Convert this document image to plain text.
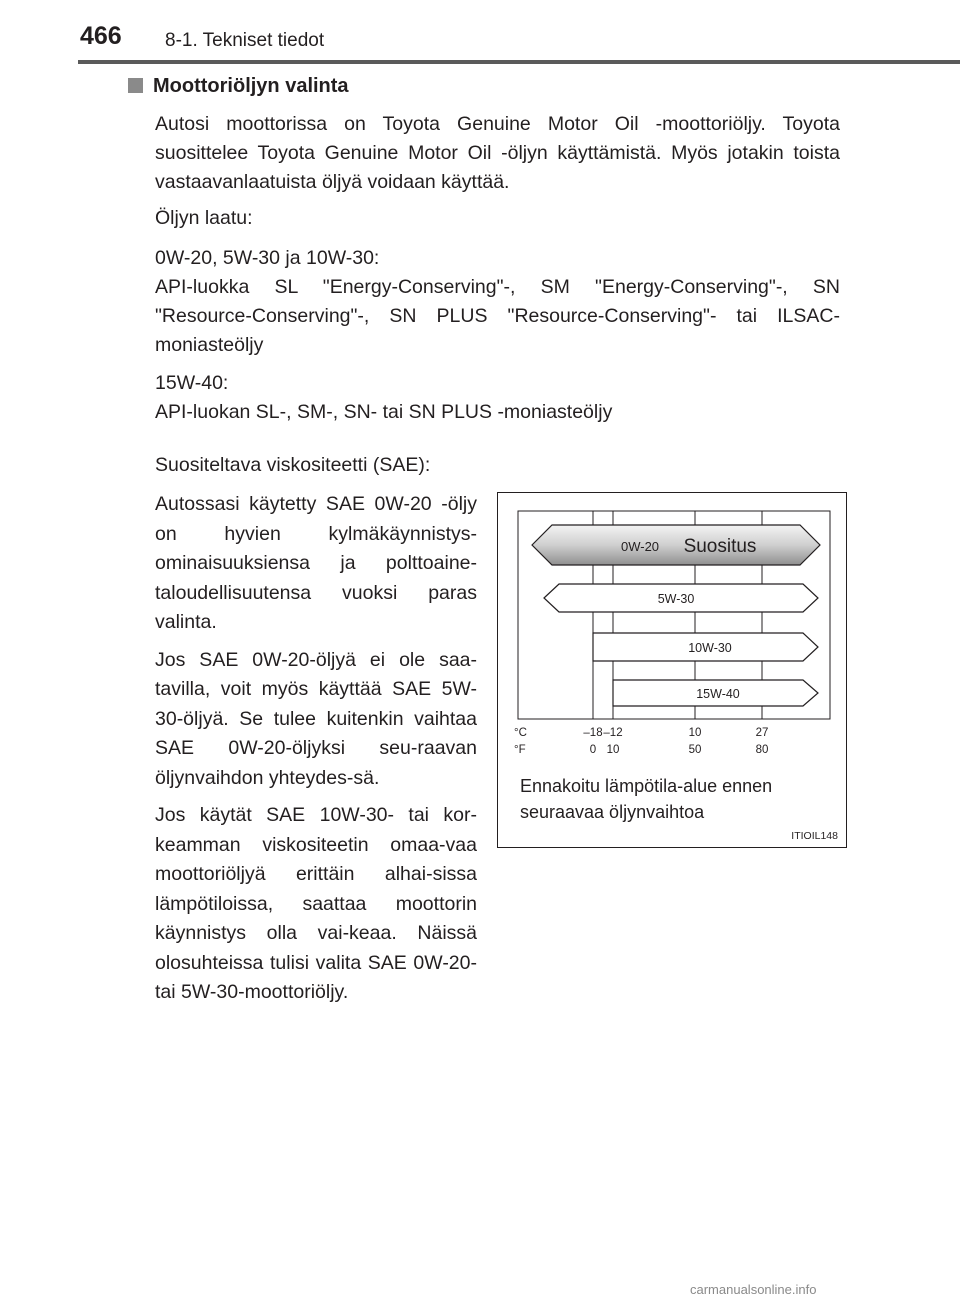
466 8-1. Tekniset tiedot
Moottoriöljyn valinta
Autosi moottorissa on Toyota Genuine Motor Oil -moottoriöljy. Toyota suosittelee Toyota Genuine Motor Oil -öljyn käyttämistä. Myös jotakin toista vastaavanlaatuista öljyä voidaan käyttää.
Öljyn laatu:
0W-20, 5W-30 ja 10W-30:
API-luokka SL "Energy-Conserving"-, SM "Energy-Conserving"-, SN "Resource-Conserving"-, SN PLUS "Resource-Conserving"- tai ILSAC-moniasteöljy
15W-40:
API-luokan SL-, SM-, SN- tai SN PLUS -moniasteöljy
Suositeltava viskositeetti (SAE):

Autossasi käytetty SAE 0W-20 -öljy on hyvien kylmäkäynnistys-ominaisuuksiensa ja polttoaine-taloudellisuutensa vuoksi paras valinta.

Jos SAE 0W-20-öljyä ei ole saa-tavilla, voit myös käyttää SAE 5W-30-öljyä. Se tulee kuitenkin vaihtaa SAE 0W-20-öljyksi seu-raavan öljynvaihdon yhteydes-sä.

Jos käytät SAE 10W-30- tai kor-keamman viskositeetin omaa-vaa moottoriöljyä erittäin alhai-sissa lämpötiloissa, saattaa moottorin käynnistys olla vai-keaa. Näissä olosuhteissa tulisi valita SAE 0W-20- tai 5W-30-moottoriöljy.

0W-20 Suositus
5W-30
10W-30
15W-40
°C	–18 –12	10	27
°F	0 10	50	80
Ennakoitu lämpötila-alue ennen seuraavaa öljynvaihtoa
ITIOIL148
carmanualsonline.info
